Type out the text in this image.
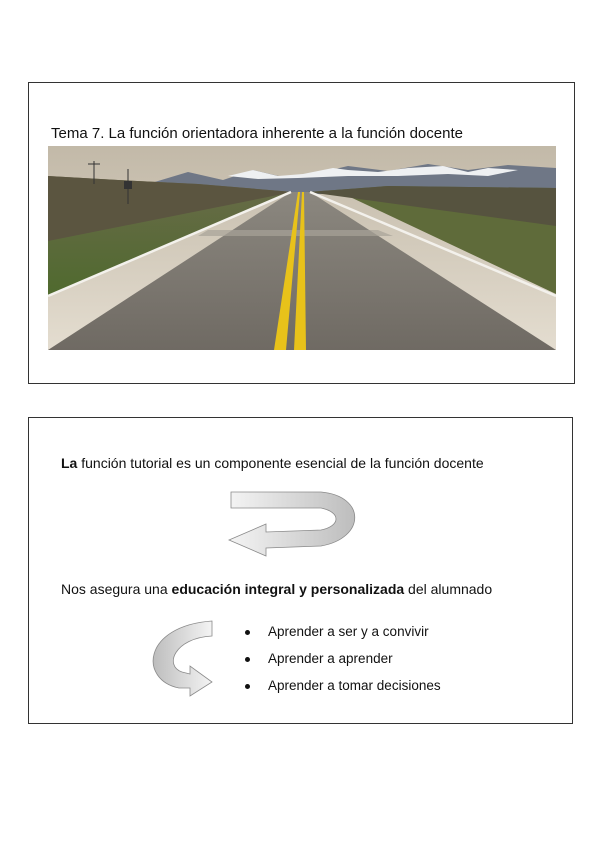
Tema 7. La función orientadora inherente a la función docente
La función tutorial es un componente esencial de la función docente
Nos asegura una educación integral y personalizada del alumnado
Aprender a ser y a convivir
Aprender a aprender
Aprender a tomar decisiones
